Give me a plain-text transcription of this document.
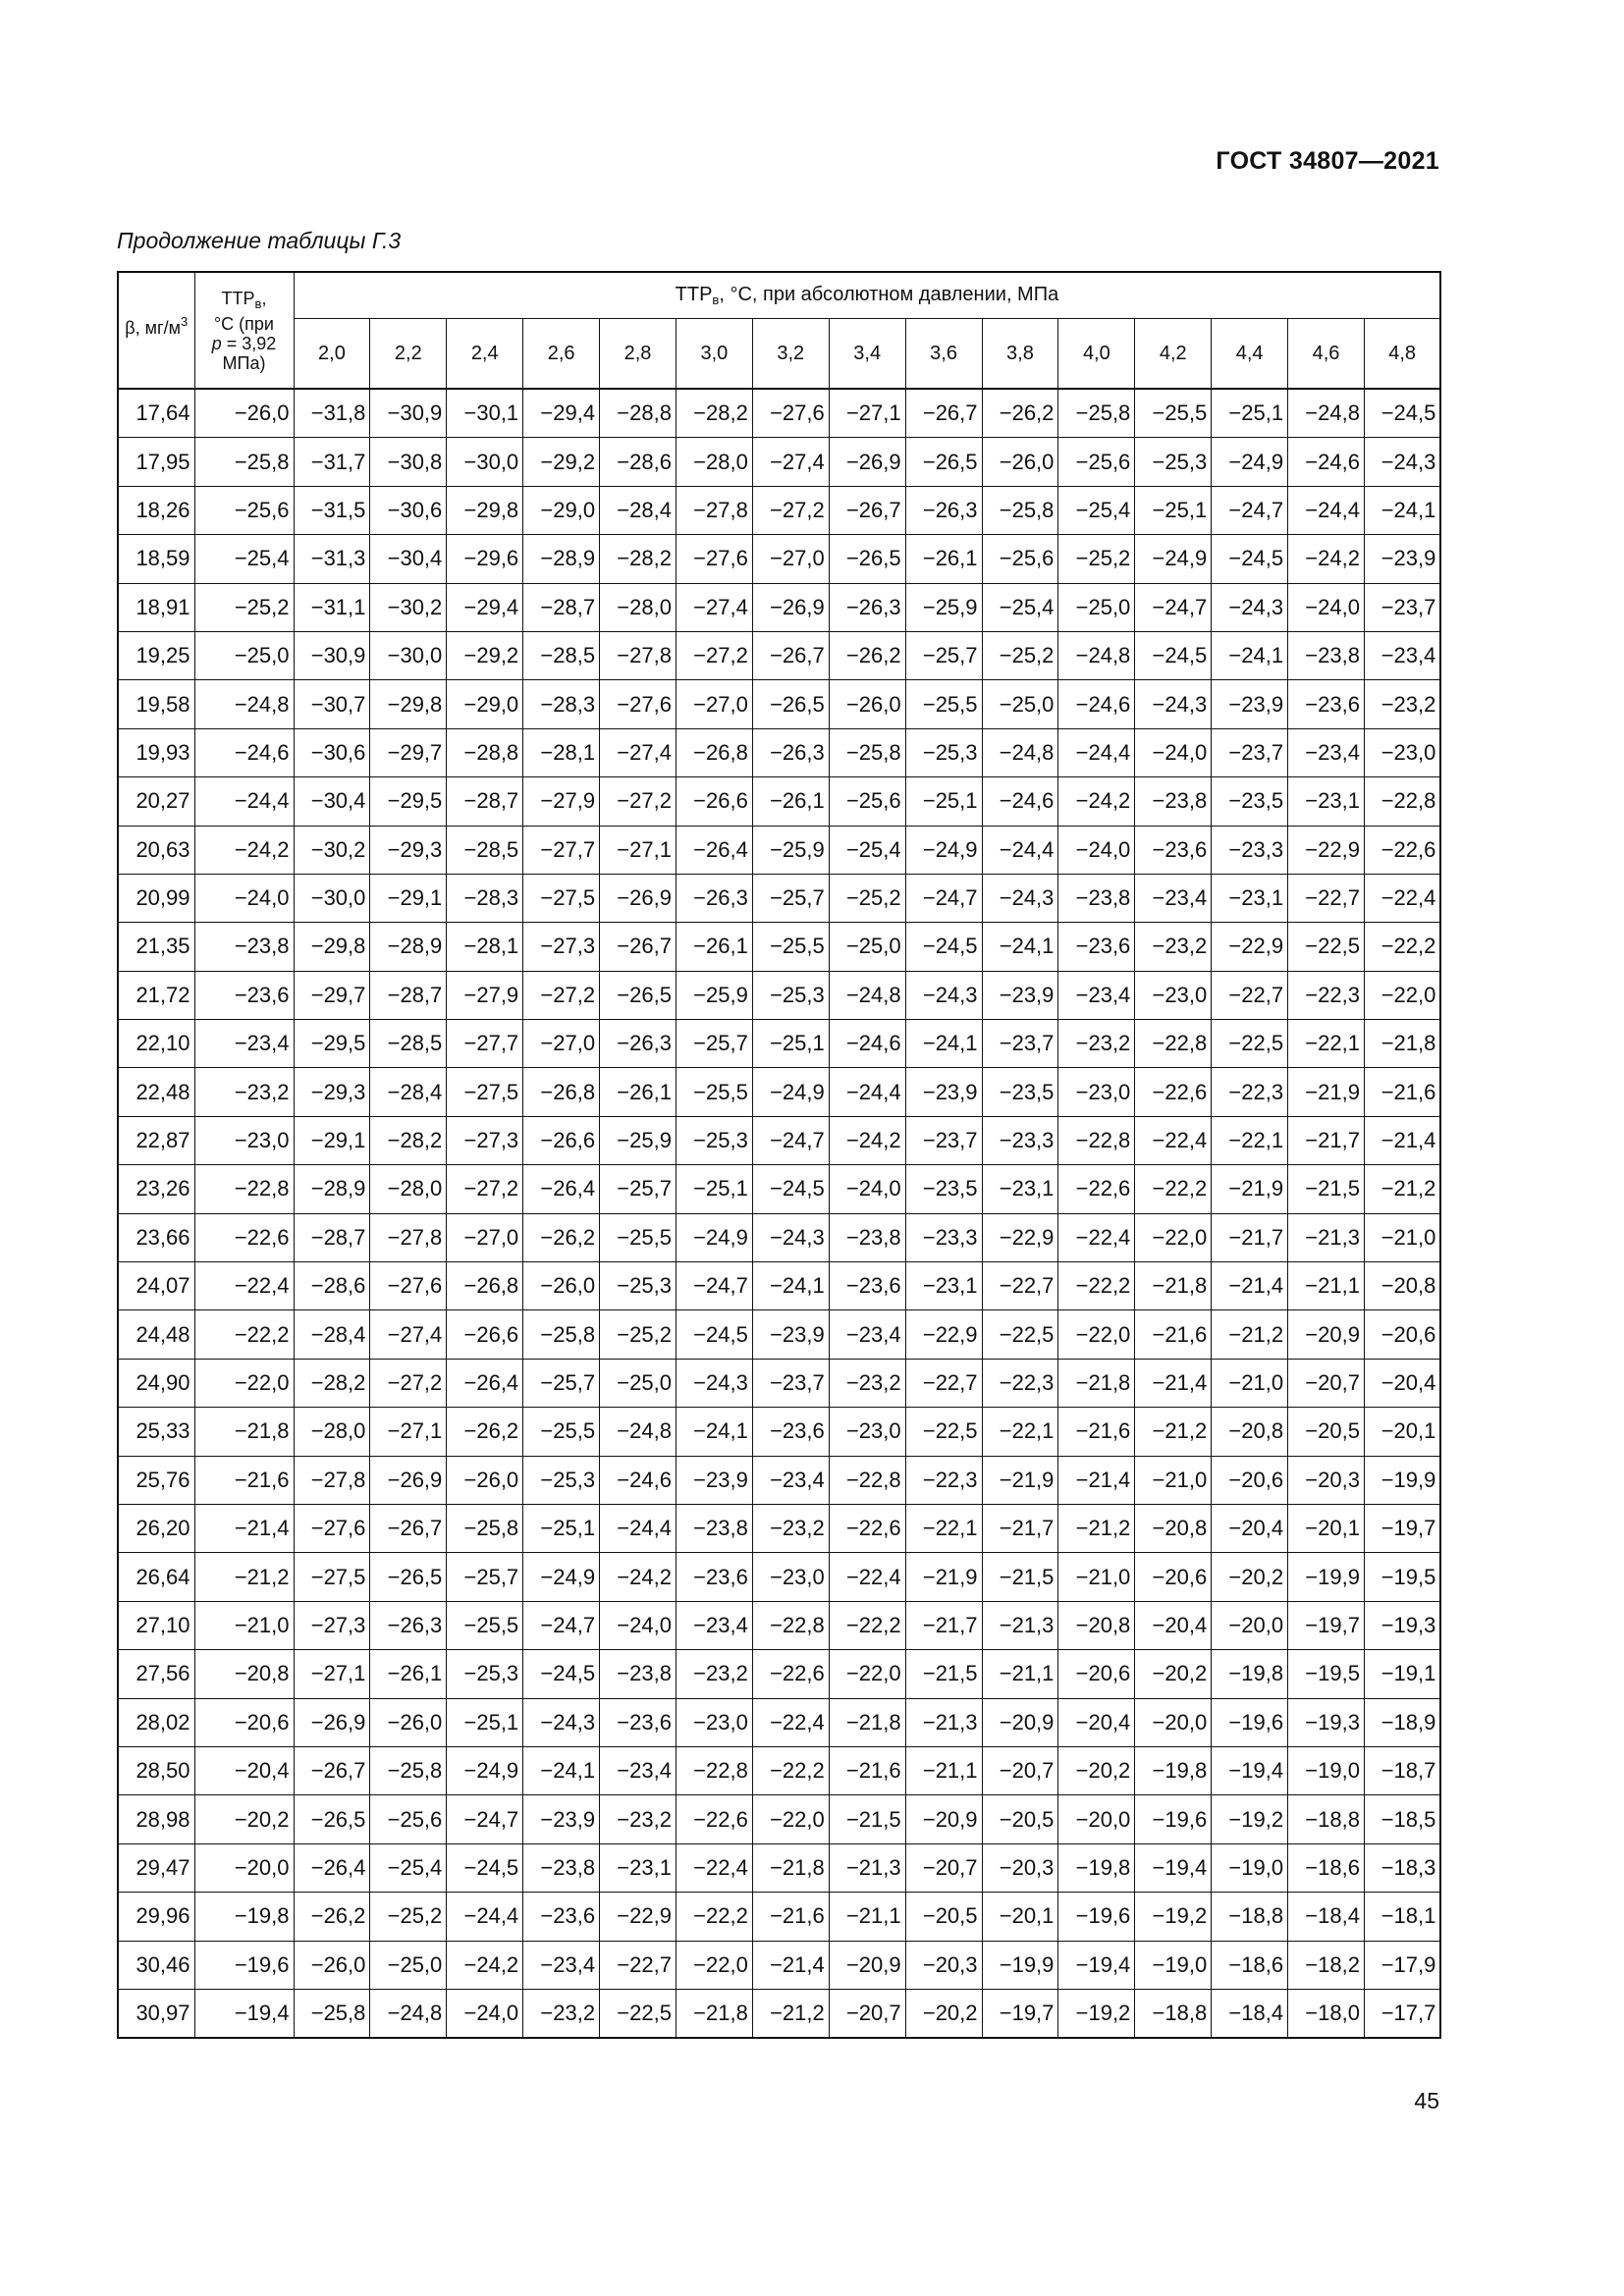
ГОСТ 34807—2021
Продолжение таблицы Г.3
β, $мг/м^3$	$ТТР_в$,
°С (при
p = 3,92
МПа)	$ТТР_в$, °С, при абсолютном давлении, МПа														
		2,0	2,2	2,4	2,6	2,8	3,0	3,2	3,4	3,6	3,8	4,0	4,2	4,4	4,6	4,8
17,64	−26,0	−31,8	−30,9	−30,1	−29,4	−28,8	−28,2	−27,6	−27,1	−26,7	−26,2	−25,8	−25,5	−25,1	−24,8	−24,5
17,95	−25,8	−31,7	−30,8	−30,0	−29,2	−28,6	−28,0	−27,4	−26,9	−26,5	−26,0	−25,6	−25,3	−24,9	−24,6	−24,3
18,26	−25,6	−31,5	−30,6	−29,8	−29,0	−28,4	−27,8	−27,2	−26,7	−26,3	−25,8	−25,4	−25,1	−24,7	−24,4	−24,1
18,59	−25,4	−31,3	−30,4	−29,6	−28,9	−28,2	−27,6	−27,0	−26,5	−26,1	−25,6	−25,2	−24,9	−24,5	−24,2	−23,9
18,91	−25,2	−31,1	−30,2	−29,4	−28,7	−28,0	−27,4	−26,9	−26,3	−25,9	−25,4	−25,0	−24,7	−24,3	−24,0	−23,7
19,25	−25,0	−30,9	−30,0	−29,2	−28,5	−27,8	−27,2	−26,7	−26,2	−25,7	−25,2	−24,8	−24,5	−24,1	−23,8	−23,4
19,58	−24,8	−30,7	−29,8	−29,0	−28,3	−27,6	−27,0	−26,5	−26,0	−25,5	−25,0	−24,6	−24,3	−23,9	−23,6	−23,2
19,93	−24,6	−30,6	−29,7	−28,8	−28,1	−27,4	−26,8	−26,3	−25,8	−25,3	−24,8	−24,4	−24,0	−23,7	−23,4	−23,0
20,27	−24,4	−30,4	−29,5	−28,7	−27,9	−27,2	−26,6	−26,1	−25,6	−25,1	−24,6	−24,2	−23,8	−23,5	−23,1	−22,8
20,63	−24,2	−30,2	−29,3	−28,5	−27,7	−27,1	−26,4	−25,9	−25,4	−24,9	−24,4	−24,0	−23,6	−23,3	−22,9	−22,6
20,99	−24,0	−30,0	−29,1	−28,3	−27,5	−26,9	−26,3	−25,7	−25,2	−24,7	−24,3	−23,8	−23,4	−23,1	−22,7	−22,4
21,35	−23,8	−29,8	−28,9	−28,1	−27,3	−26,7	−26,1	−25,5	−25,0	−24,5	−24,1	−23,6	−23,2	−22,9	−22,5	−22,2
21,72	−23,6	−29,7	−28,7	−27,9	−27,2	−26,5	−25,9	−25,3	−24,8	−24,3	−23,9	−23,4	−23,0	−22,7	−22,3	−22,0
22,10	−23,4	−29,5	−28,5	−27,7	−27,0	−26,3	−25,7	−25,1	−24,6	−24,1	−23,7	−23,2	−22,8	−22,5	−22,1	−21,8
22,48	−23,2	−29,3	−28,4	−27,5	−26,8	−26,1	−25,5	−24,9	−24,4	−23,9	−23,5	−23,0	−22,6	−22,3	−21,9	−21,6
22,87	−23,0	−29,1	−28,2	−27,3	−26,6	−25,9	−25,3	−24,7	−24,2	−23,7	−23,3	−22,8	−22,4	−22,1	−21,7	−21,4
23,26	−22,8	−28,9	−28,0	−27,2	−26,4	−25,7	−25,1	−24,5	−24,0	−23,5	−23,1	−22,6	−22,2	−21,9	−21,5	−21,2
23,66	−22,6	−28,7	−27,8	−27,0	−26,2	−25,5	−24,9	−24,3	−23,8	−23,3	−22,9	−22,4	−22,0	−21,7	−21,3	−21,0
24,07	−22,4	−28,6	−27,6	−26,8	−26,0	−25,3	−24,7	−24,1	−23,6	−23,1	−22,7	−22,2	−21,8	−21,4	−21,1	−20,8
24,48	−22,2	−28,4	−27,4	−26,6	−25,8	−25,2	−24,5	−23,9	−23,4	−22,9	−22,5	−22,0	−21,6	−21,2	−20,9	−20,6
24,90	−22,0	−28,2	−27,2	−26,4	−25,7	−25,0	−24,3	−23,7	−23,2	−22,7	−22,3	−21,8	−21,4	−21,0	−20,7	−20,4
25,33	−21,8	−28,0	−27,1	−26,2	−25,5	−24,8	−24,1	−23,6	−23,0	−22,5	−22,1	−21,6	−21,2	−20,8	−20,5	−20,1
25,76	−21,6	−27,8	−26,9	−26,0	−25,3	−24,6	−23,9	−23,4	−22,8	−22,3	−21,9	−21,4	−21,0	−20,6	−20,3	−19,9
26,20	−21,4	−27,6	−26,7	−25,8	−25,1	−24,4	−23,8	−23,2	−22,6	−22,1	−21,7	−21,2	−20,8	−20,4	−20,1	−19,7
26,64	−21,2	−27,5	−26,5	−25,7	−24,9	−24,2	−23,6	−23,0	−22,4	−21,9	−21,5	−21,0	−20,6	−20,2	−19,9	−19,5
27,10	−21,0	−27,3	−26,3	−25,5	−24,7	−24,0	−23,4	−22,8	−22,2	−21,7	−21,3	−20,8	−20,4	−20,0	−19,7	−19,3
27,56	−20,8	−27,1	−26,1	−25,3	−24,5	−23,8	−23,2	−22,6	−22,0	−21,5	−21,1	−20,6	−20,2	−19,8	−19,5	−19,1
28,02	−20,6	−26,9	−26,0	−25,1	−24,3	−23,6	−23,0	−22,4	−21,8	−21,3	−20,9	−20,4	−20,0	−19,6	−19,3	−18,9
28,50	−20,4	−26,7	−25,8	−24,9	−24,1	−23,4	−22,8	−22,2	−21,6	−21,1	−20,7	−20,2	−19,8	−19,4	−19,0	−18,7
28,98	−20,2	−26,5	−25,6	−24,7	−23,9	−23,2	−22,6	−22,0	−21,5	−20,9	−20,5	−20,0	−19,6	−19,2	−18,8	−18,5
29,47	−20,0	−26,4	−25,4	−24,5	−23,8	−23,1	−22,4	−21,8	−21,3	−20,7	−20,3	−19,8	−19,4	−19,0	−18,6	−18,3
29,96	−19,8	−26,2	−25,2	−24,4	−23,6	−22,9	−22,2	−21,6	−21,1	−20,5	−20,1	−19,6	−19,2	−18,8	−18,4	−18,1
30,46	−19,6	−26,0	−25,0	−24,2	−23,4	−22,7	−22,0	−21,4	−20,9	−20,3	−19,9	−19,4	−19,0	−18,6	−18,2	−17,9
30,97	−19,4	−25,8	−24,8	−24,0	−23,2	−22,5	−21,8	−21,2	−20,7	−20,2	−19,7	−19,2	−18,8	−18,4	−18,0	−17,7
45
